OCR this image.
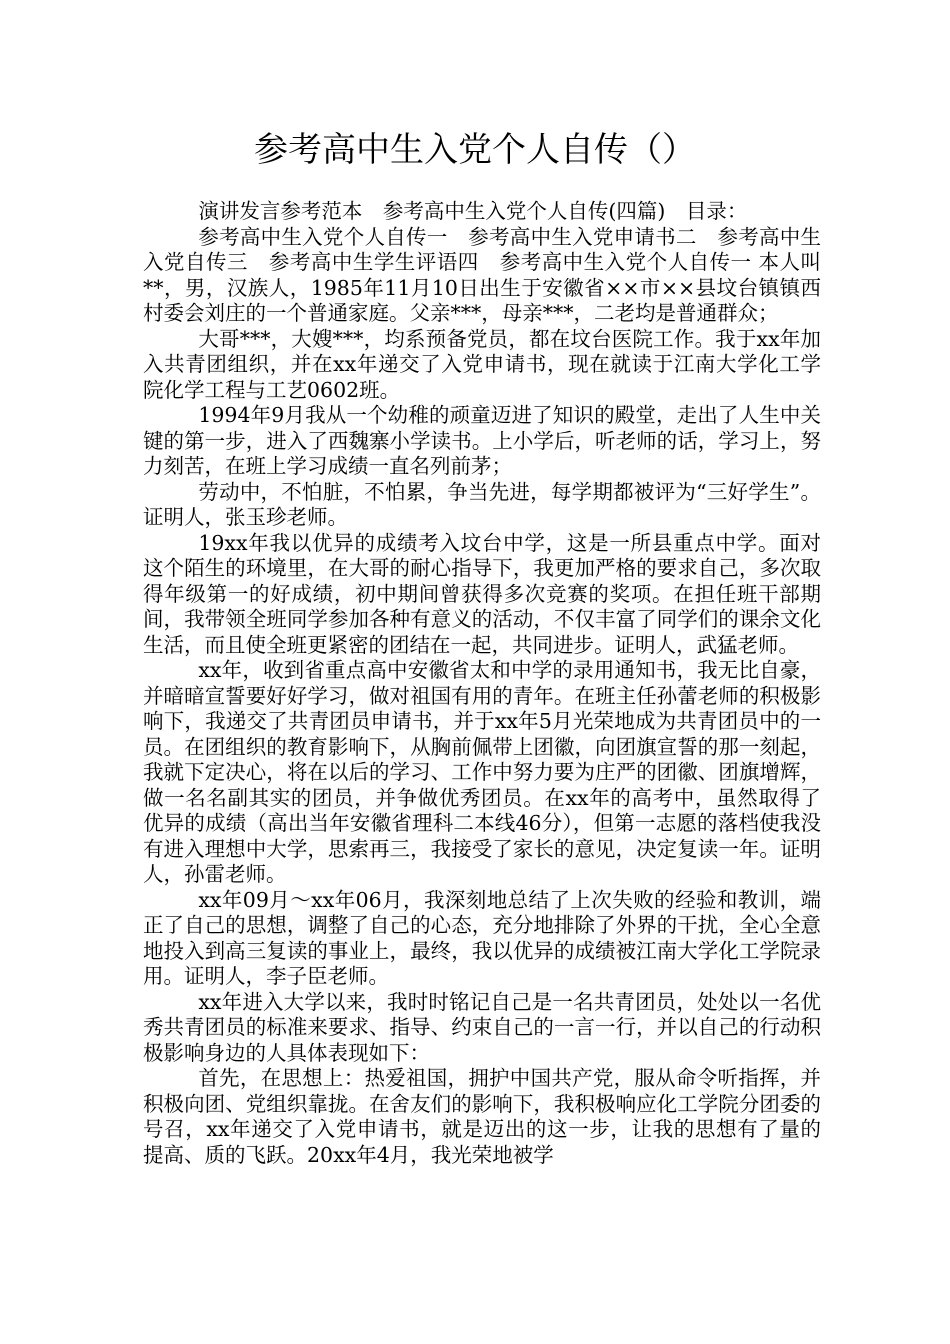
参考高中生入党个人自传（）

演讲发言参考范本　参考高中生入党个人自传(四篇)　目录：

参考高中生入党个人自传一　参考高中生入党申请书二　参考高中生入党自传三　参考高中生学生评语四　参考高中生入党个人自传一 本人叫**，男，汉族人，1985年11月10日出生于安徽省××市××县坟台镇镇西村委会刘庄的一个普通家庭。父亲***，母亲***，二老均是普通群众；

大哥***，大嫂***，均系预备党员，都在坟台医院工作。我于xx年加入共青团组织，并在xx年递交了入党申请书，现在就读于江南大学化工学院化学工程与工艺0602班。

1994年9月我从一个幼稚的顽童迈进了知识的殿堂，走出了人生中关键的第一步，进入了西魏寨小学读书。上小学后，听老师的话，学习上，努力刻苦，在班上学习成绩一直名列前茅；

劳动中，不怕脏，不怕累，争当先进，每学期都被评为“三好学生”。证明人，张玉珍老师。

19xx年我以优异的成绩考入坟台中学，这是一所县重点中学。面对这个陌生的环境里，在大哥的耐心指导下，我更加严格的要求自己，多次取得年级第一的好成绩，初中期间曾获得多次竞赛的奖项。在担任班干部期间，我带领全班同学参加各种有意义的活动，不仅丰富了同学们的课余文化生活，而且使全班更紧密的团结在一起，共同进步。证明人，武猛老师。

xx年，收到省重点高中安徽省太和中学的录用通知书，我无比自豪，并暗暗宣誓要好好学习，做对祖国有用的青年。在班主任孙蕾老师的积极影响下，我递交了共青团员申请书，并于xx年5月光荣地成为共青团员中的一员。在团组织的教育影响下，从胸前佩带上团徽，向团旗宣誓的那一刻起，我就下定决心，将在以后的学习、工作中努力要为庄严的团徽、团旗增辉，做一名名副其实的团员，并争做优秀团员。在xx年的高考中，虽然取得了优异的成绩（高出当年安徽省理科二本线46分），但第一志愿的落档使我没有进入理想中大学，思索再三，我接受了家长的意见，决定复读一年。证明人，孙雷老师。

xx年09月～xx年06月，我深刻地总结了上次失败的经验和教训，端正了自己的思想，调整了自己的心态，充分地排除了外界的干扰，全心全意地投入到高三复读的事业上，最终，我以优异的成绩被江南大学化工学院录用。证明人，李子臣老师。

xx年进入大学以来，我时时铭记自己是一名共青团员，处处以一名优秀共青团员的标准来要求、指导、约束自己的一言一行，并以自己的行动积极影响身边的人具体表现如下：

首先，在思想上：热爱祖国，拥护中国共产党，服从命令听指挥，并积极向团、党组织靠拢。在舍友们的影响下，我积极响应化工学院分团委的号召，xx年递交了入党申请书，就是迈出的这一步，让我的思想有了量的提高、质的飞跃。20xx年4月，我光荣地被学
